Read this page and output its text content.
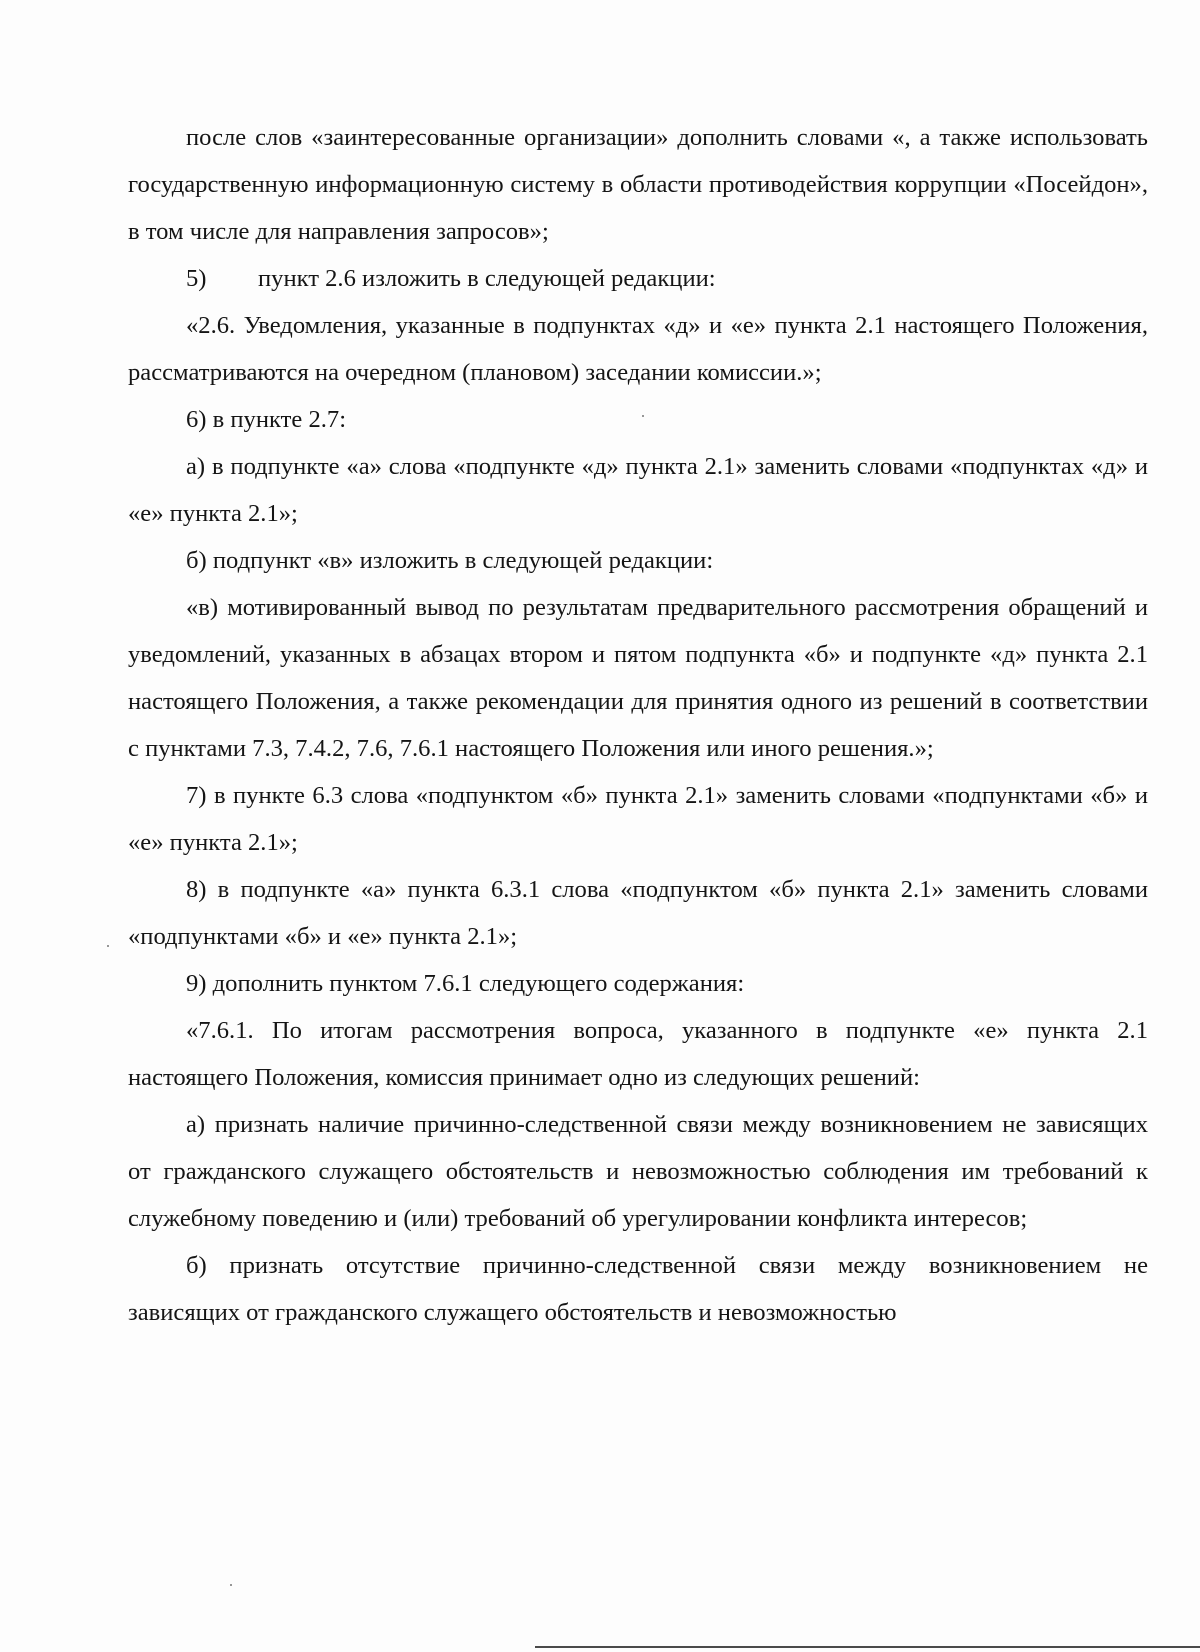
после слов «заинтересованные организации» дополнить словами «, а также использовать государственную информационную систему в области противодействия коррупции «Посейдон», в том числе для направления запросов»;

5) пункт 2.6 изложить в следующей редакции:

«2.6. Уведомления, указанные в подпунктах «д» и «е» пункта 2.1 настоящего Положения, рассматриваются на очередном (плановом) заседании комиссии.»;

6) в пункте 2.7:

а) в подпункте «а» слова «подпункте «д» пункта 2.1» заменить словами «подпунктах «д» и «е» пункта 2.1»;

б) подпункт «в» изложить в следующей редакции:

«в) мотивированный вывод по результатам предварительного рассмотрения обращений и уведомлений, указанных в абзацах втором и пятом подпункта «б» и подпункте «д» пункта 2.1 настоящего Положения, а также рекомендации для принятия одного из решений в соответствии с пунктами 7.3, 7.4.2, 7.6, 7.6.1 настоящего Положения или иного решения.»;

7) в пункте 6.3 слова «подпунктом «б» пункта 2.1» заменить словами «подпунктами «б» и «е» пункта 2.1»;

8) в подпункте «а» пункта 6.3.1 слова «подпунктом «б» пункта 2.1» заменить словами «подпунктами «б» и «е» пункта 2.1»;

9) дополнить пунктом 7.6.1 следующего содержания:

«7.6.1. По итогам рассмотрения вопроса, указанного в подпункте «е» пункта 2.1 настоящего Положения, комиссия принимает одно из следующих решений:

а) признать наличие причинно-следственной связи между возникновением не зависящих от гражданского служащего обстоятельств и невозможностью соблюдения им требований к служебному поведению и (или) требований об урегулировании конфликта интересов;

б) признать отсутствие причинно-следственной связи между возникновением не зависящих от гражданского служащего обстоятельств и невозможностью
